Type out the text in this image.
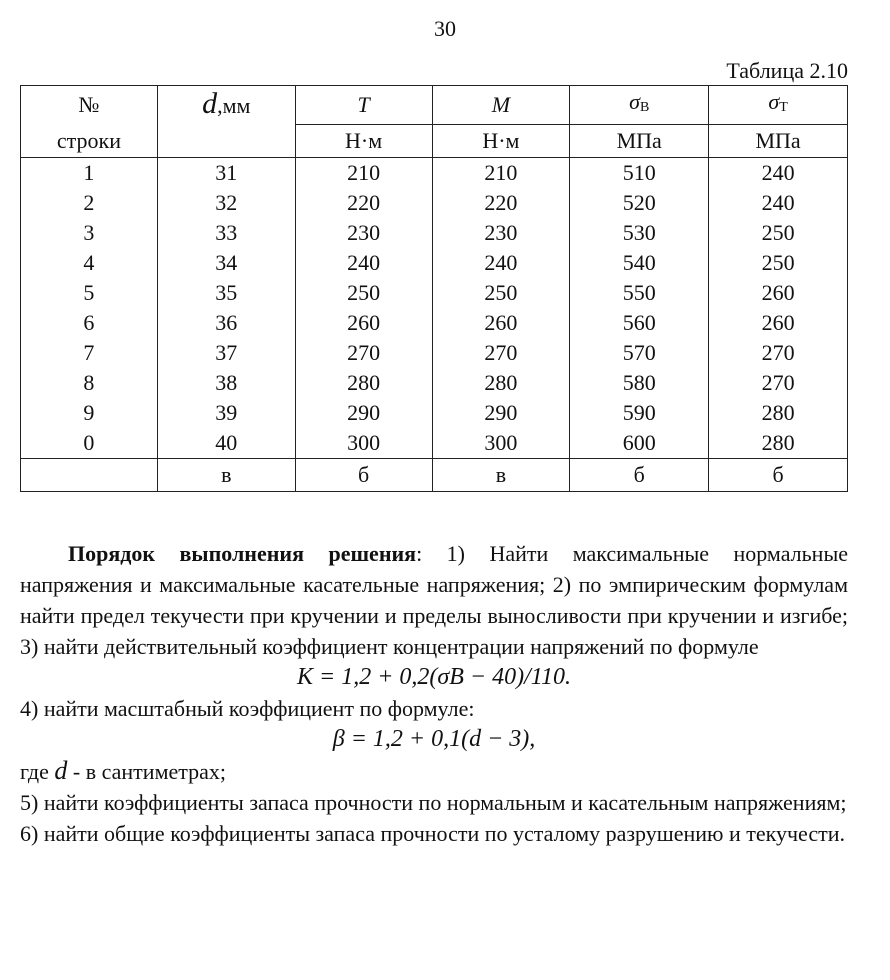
30
Таблица 2.10
№	d,мм	T	M	σВ	σТ
строки		Н·м	Н·м	МПа	МПа
1	31	210	210	510	240
2	32	220	220	520	240
3	33	230	230	530	250
4	34	240	240	540	250
5	35	250	250	550	260
6	36	260	260	560	260
7	37	270	270	570	270
8	38	280	280	580	270
9	39	290	290	590	280
0	40	300	300	600	280
	в	б	в	б	б

Порядок выполнения решения: 1) Найти максимальные нормальные напряжения и максимальные касательные напряжения; 2) по эмпирическим формулам найти предел текучести при кручении и пределы выносливости при кручении и изгибе; 3) найти действительный коэффициент концентрации напряжений по формуле

K = 1,2 + 0,2(σB − 40)/110.

4) найти масштабный коэффициент по формуле:

β = 1,2 + 0,1(d − 3),

где d - в сантиметрах;

5) найти коэффициенты запаса прочности по нормальным и касательным напряжениям;

6) найти общие коэффициенты запаса прочности по усталому разрушению и текучести.
